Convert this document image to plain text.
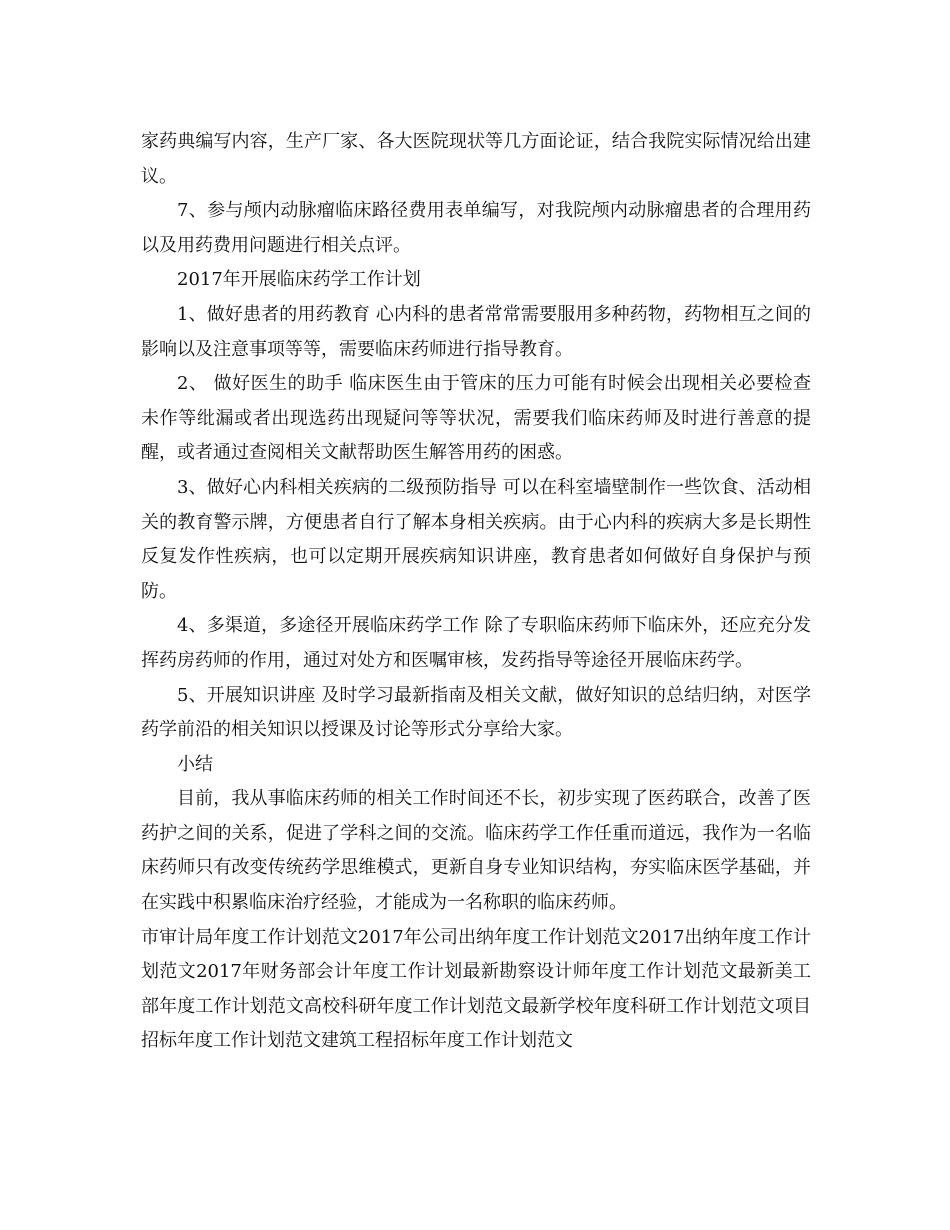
家药典编写内容，生产厂家、各大医院现状等几方面论证，结合我院实际情况给出建议。

7、参与颅内动脉瘤临床路径费用表单编写，对我院颅内动脉瘤患者的合理用药以及用药费用问题进行相关点评。

2017年开展临床药学工作计划

1、做好患者的用药教育 心内科的患者常常需要服用多种药物，药物相互之间的影响以及注意事项等等，需要临床药师进行指导教育。

2、 做好医生的助手 临床医生由于管床的压力可能有时候会出现相关必要检查未作等纰漏或者出现选药出现疑问等等状况，需要我们临床药师及时进行善意的提醒，或者通过查阅相关文献帮助医生解答用药的困惑。

3、做好心内科相关疾病的二级预防指导 可以在科室墙壁制作一些饮食、活动相关的教育警示牌，方便患者自行了解本身相关疾病。由于心内科的疾病大多是长期性反复发作性疾病，也可以定期开展疾病知识讲座，教育患者如何做好自身保护与预防。

4、多渠道，多途径开展临床药学工作 除了专职临床药师下临床外，还应充分发挥药房药师的作用，通过对处方和医嘱审核，发药指导等途径开展临床药学。

5、开展知识讲座 及时学习最新指南及相关文献，做好知识的总结归纳，对医学药学前沿的相关知识以授课及讨论等形式分享给大家。

小结

目前，我从事临床药师的相关工作时间还不长，初步实现了医药联合，改善了医药护之间的关系，促进了学科之间的交流。临床药学工作任重而道远，我作为一名临床药师只有改变传统药学思维模式，更新自身专业知识结构，夯实临床医学基础，并在实践中积累临床治疗经验，才能成为一名称职的临床药师。

市审计局年度工作计划范文2017年公司出纳年度工作计划范文2017出纳年度工作计划范文2017年财务部会计年度工作计划最新勘察设计师年度工作计划范文最新美工部年度工作计划范文高校科研年度工作计划范文最新学校年度科研工作计划范文项目招标年度工作计划范文建筑工程招标年度工作计划范文
